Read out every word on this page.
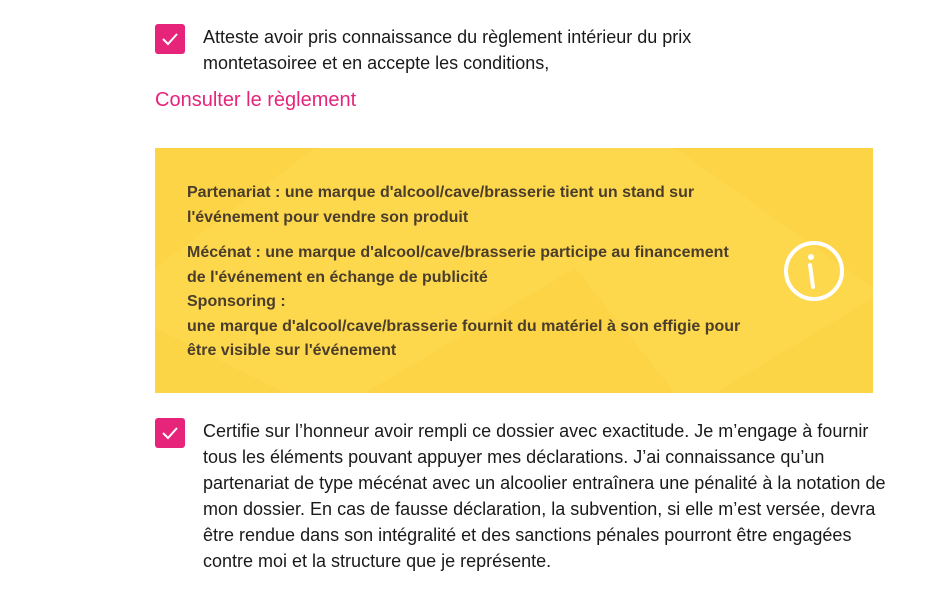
Atteste avoir pris connaissance du règlement intérieur du prix montetasoiree et en accepte les conditions,
Consulter le règlement

Partenariat : une marque d'alcool/cave/brasserie tient un stand sur l'événement pour vendre son produit

Mécénat : une marque d'alcool/cave/brasserie participe au financement de l'événement en échange de publicité

Sponsoring :

une marque d'alcool/cave/brasserie fournit du matériel à son effigie pour être visible sur l'événement

Certifie sur l’honneur avoir rempli ce dossier avec exactitude. Je m’engage à fournir tous les éléments pouvant appuyer mes déclarations. J’ai connaissance qu’un partenariat de type mécénat avec un alcoolier entraînera une pénalité à la notation de mon dossier. En cas de fausse déclaration, la subvention, si elle m’est versée, devra être rendue dans son intégralité et des sanctions pénales pourront être engagées contre moi et la structure que je représente.
